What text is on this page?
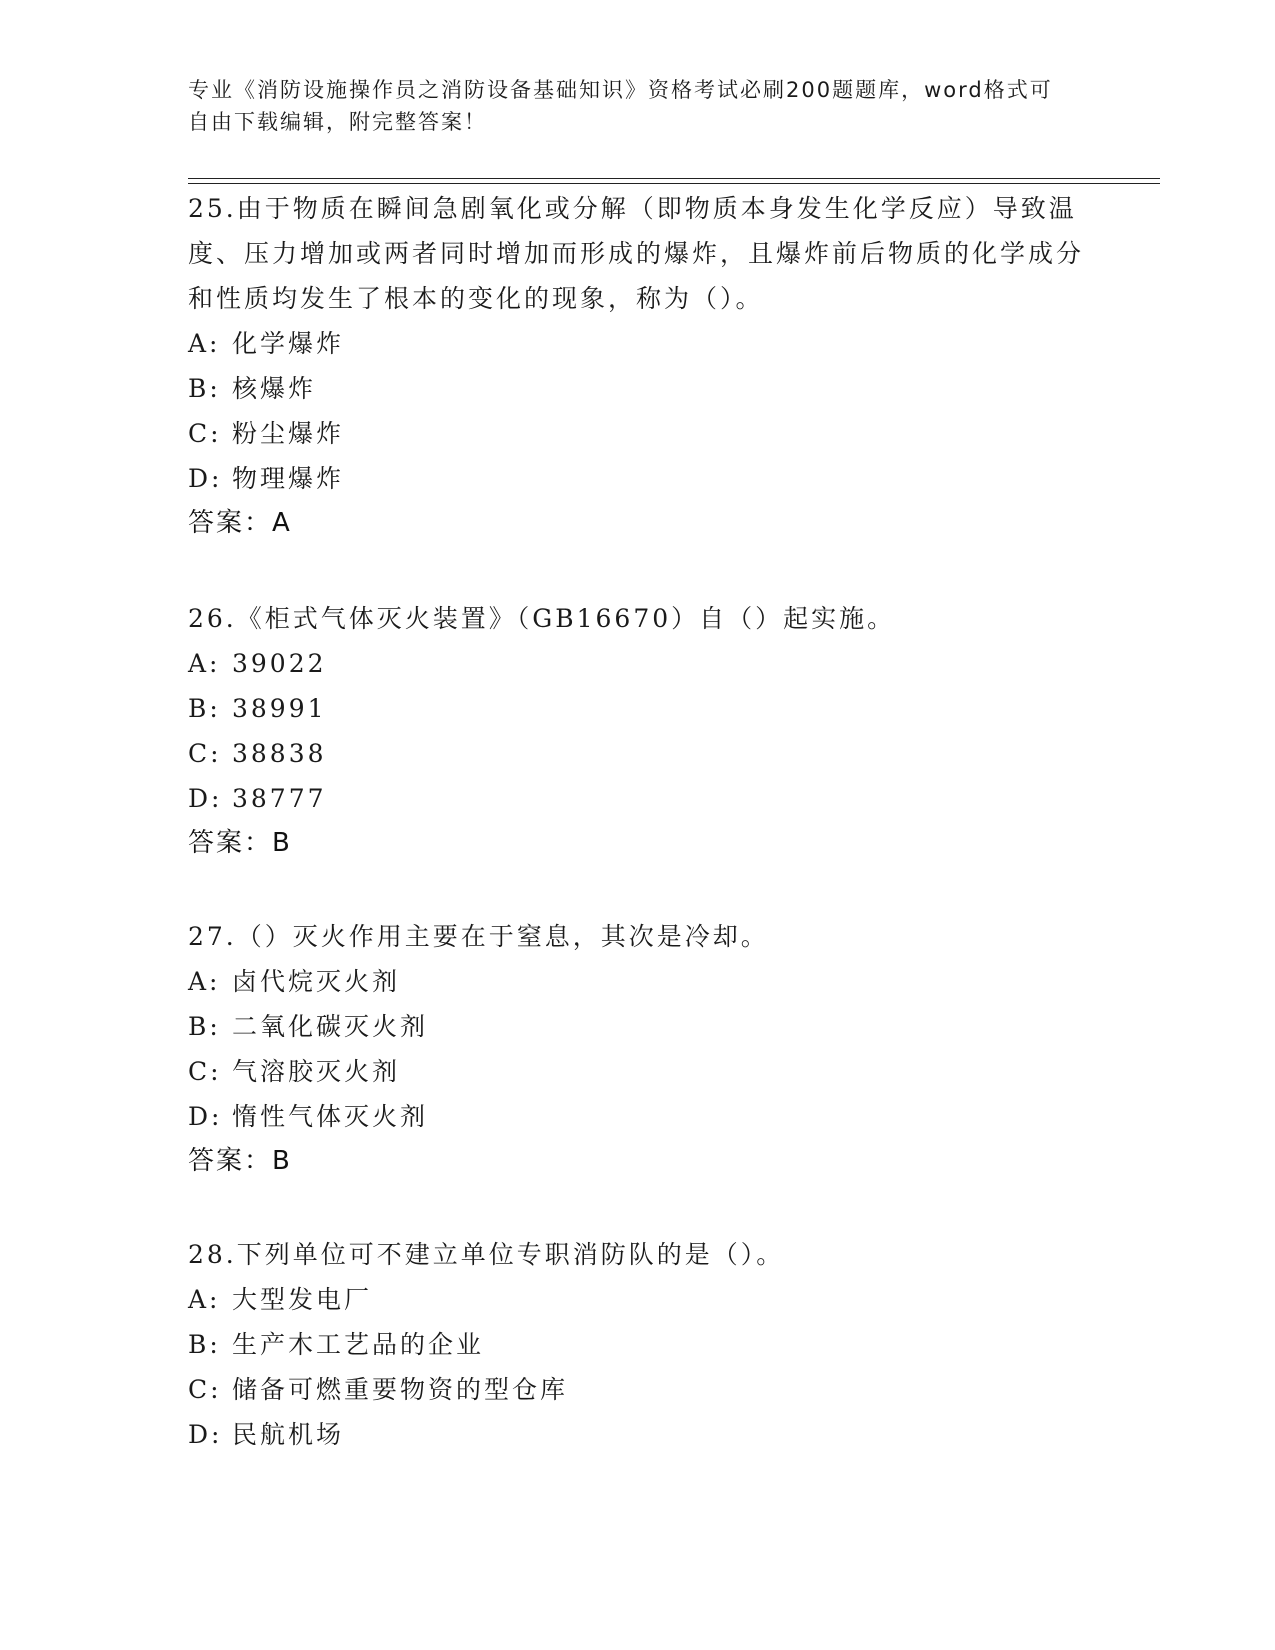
专业《消防设施操作员之消防设备基础知识》资格考试必刷200题题库，word格式可自由下载编辑，附完整答案！

25.由于物质在瞬间急剧氧化或分解（即物质本身发生化学反应）导致温度、压力增加或两者同时增加而形成的爆炸，且爆炸前后物质的化学成分和性质均发生了根本的变化的现象，称为（）。

A: 化学爆炸

B: 核爆炸

C: 粉尘爆炸

D: 物理爆炸

答案：A

26.《柜式气体灭火装置》（GB16670）自（）起实施。

A: 39022

B: 38991

C: 38838

D: 38777

答案：B

27.（）灭火作用主要在于窒息，其次是冷却。

A: 卤代烷灭火剂

B: 二氧化碳灭火剂

C: 气溶胶灭火剂

D: 惰性气体灭火剂

答案：B

28.下列单位可不建立单位专职消防队的是（）。

A: 大型发电厂

B: 生产木工艺品的企业

C: 储备可燃重要物资的型仓库

D: 民航机场
